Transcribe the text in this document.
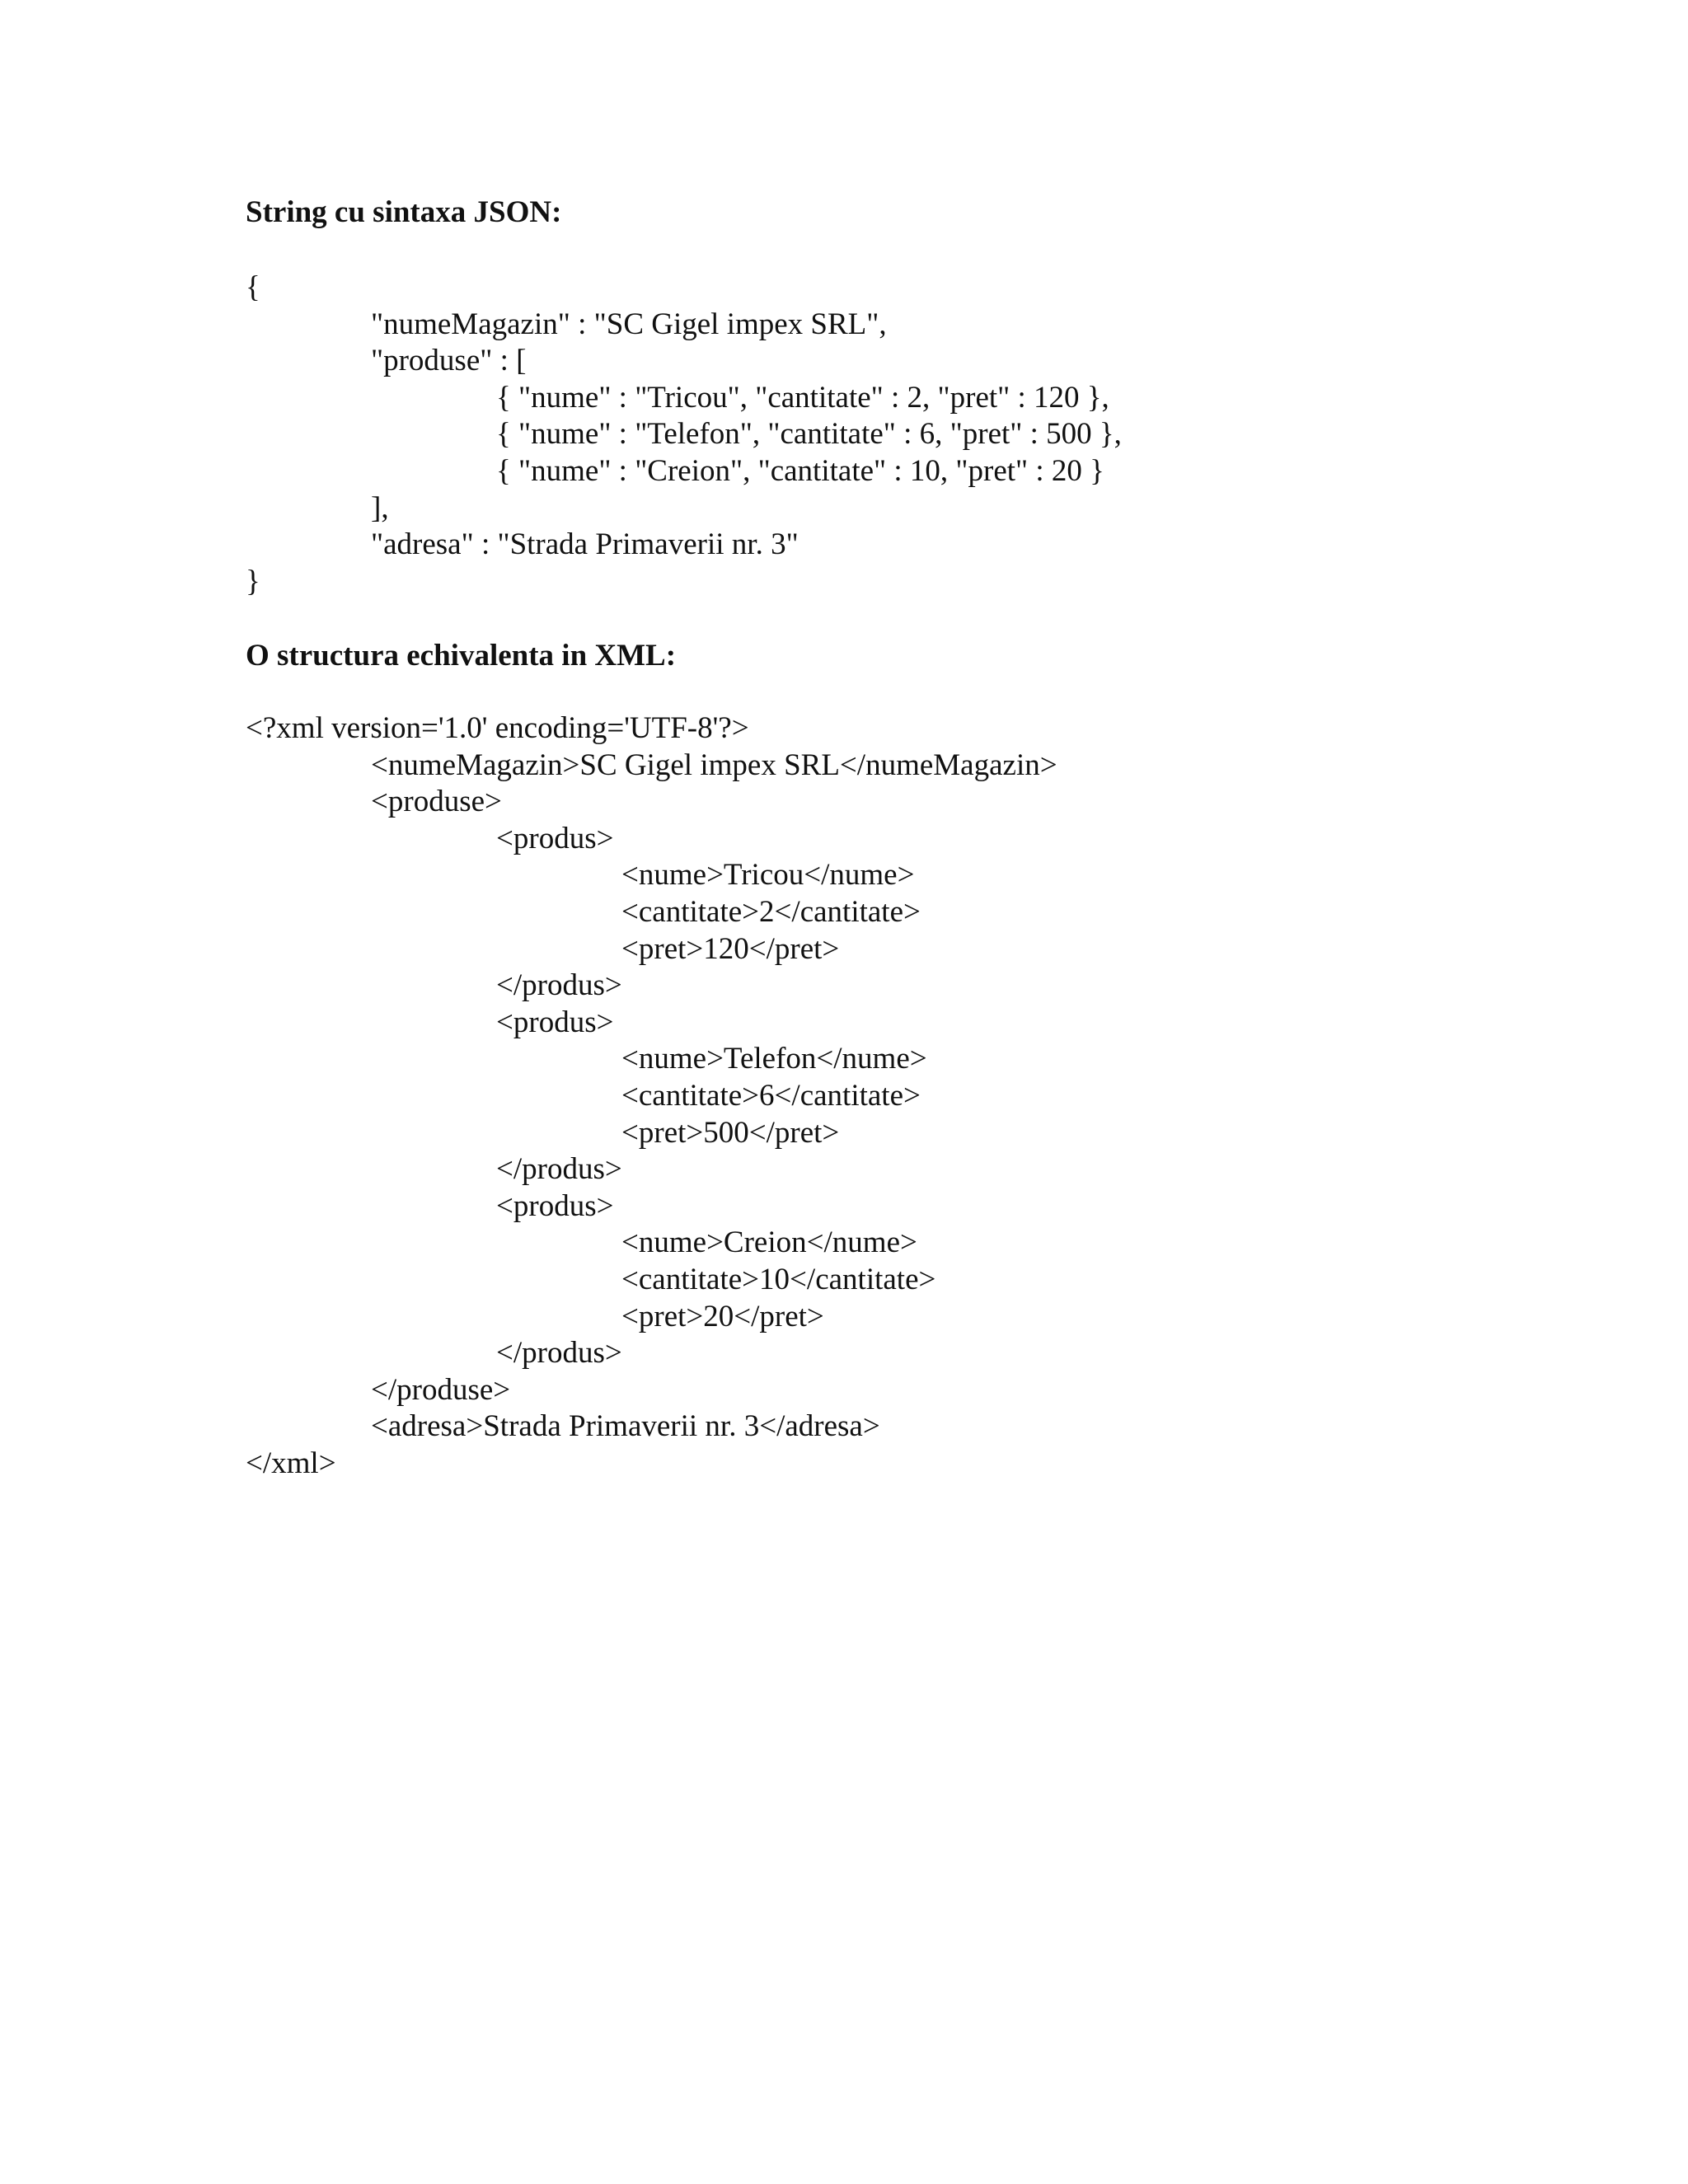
String cu sintaxa JSON:
{
"numeMagazin" : "SC Gigel impex SRL",
"produse" : [
{ "nume" : "Tricou", "cantitate" : 2, "pret" : 120 },
{ "nume" : "Telefon", "cantitate" : 6, "pret" : 500 },
{ "nume" : "Creion", "cantitate" : 10, "pret" : 20 }
],
"adresa" : "Strada Primaverii nr. 3"
}
O structura echivalenta in XML:
<?xml version='1.0' encoding='UTF-8'?>
<numeMagazin>SC Gigel impex SRL</numeMagazin>
<produse>
<produs>
<nume>Tricou</nume>
<cantitate>2</cantitate>
<pret>120</pret>
</produs>
<produs>
<nume>Telefon</nume>
<cantitate>6</cantitate>
<pret>500</pret>
</produs>
<produs>
<nume>Creion</nume>
<cantitate>10</cantitate>
<pret>20</pret>
</produs>
</produse>
<adresa>Strada Primaverii nr. 3</adresa>
</xml>
